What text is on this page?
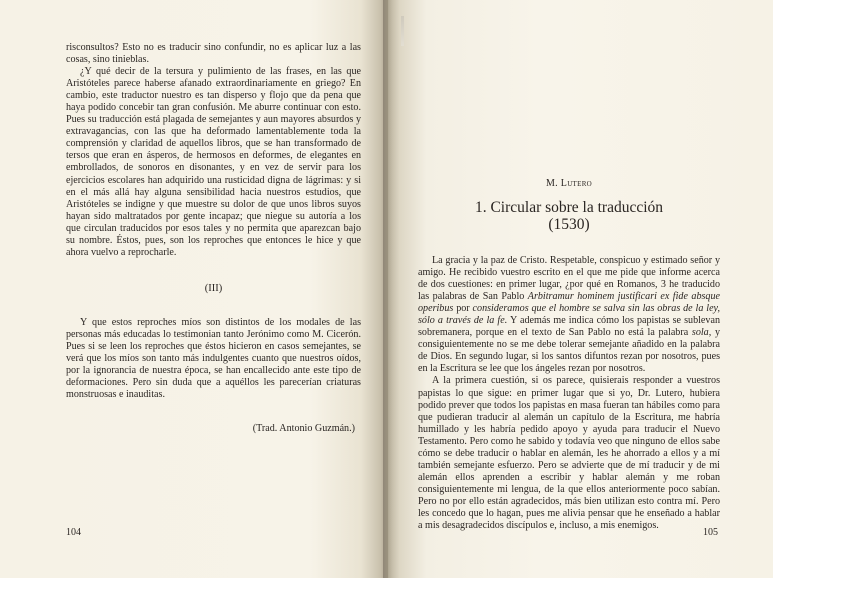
risconsultos? Esto no es traducir sino confundir, no es aplicar luz a las cosas, sino tinieblas.

¿Y qué decir de la tersura y pulimiento de las frases, en las que Aristóteles parece haberse afanado extraordinariamente en griego? En cambio, este traductor nuestro es tan disperso y flojo que da pena que haya podido concebir tan gran confusión. Me aburre continuar con esto. Pues su traducción está plagada de semejantes y aun mayores absurdos y extravagancias, con las que ha deformado lamentablemente toda la comprensión y claridad de aquellos libros, que se han transformado de tersos que eran en ásperos, de hermosos en deformes, de elegantes en embrollados, de sonoros en disonantes, y en vez de servir para los ejercicios escolares han adquirido una rusticidad digna de lágrimas: y si en el más allá hay alguna sensibilidad hacia nuestros estudios, que Aristóteles se indigne y que muestre su dolor de que unos libros suyos hayan sido maltratados por gente incapaz; que niegue su autoría a los que circulan traducidos por esos tales y no permita que aparezcan bajo su nombre. Éstos, pues, son los reproches que entonces le hice y que ahora vuelvo a reprocharle.

(III)

Y que estos reproches míos son distintos de los modales de las personas más educadas lo testimonian tanto Jerónimo como M. Cicerón. Pues si se leen los reproches que éstos hicieron en casos semejantes, se verá que los míos son tanto más indulgentes cuanto que nuestros oídos, por la ignorancia de nuestra época, se han encallecido ante este tipo de deformaciones. Pero sin duda que a aquéllos les parecerían criaturas monstruosas e inauditas.

(Trad. Antonio Guzmán.)

104

M. Lutero

1. Circular sobre la traducción

(1530)

La gracia y la paz de Cristo. Respetable, conspicuo y estimado señor y amigo. He recibido vuestro escrito en el que me pide que informe acerca de dos cuestiones: en primer lugar, ¿por qué en Romanos, 3 he traducido las palabras de San Pablo Arbitramur hominem justificari ex fide absque operibus por consideramos que el hombre se salva sin las obras de la ley, sólo a través de la fe. Y además me indica cómo los papistas se sublevan sobremanera, porque en el texto de San Pablo no está la palabra sola, y consiguientemente no se me debe tolerar semejante añadido en la palabra de Dios. En segundo lugar, si los santos difuntos rezan por nosotros, pues en la Escritura se lee que los ángeles rezan por nosotros.

A la primera cuestión, si os parece, quisierais responder a vuestros papistas lo que sigue: en primer lugar que si yo, Dr. Lutero, hubiera podido prever que todos los papistas en masa fueran tan hábiles como para que pudieran traducir al alemán un capítulo de la Escritura, me habría humillado y les habría pedido apoyo y ayuda para traducir el Nuevo Testamento. Pero como he sabido y todavía veo que ninguno de ellos sabe cómo se debe traducir o hablar en alemán, les he ahorrado a ellos y a mí también semejante esfuerzo. Pero se advierte que de mí traducir y de mi alemán ellos aprenden a escribir y hablar alemán y me roban consiguientemente mi lengua, de la que ellos anteriormente poco sabían. Pero no por ello están agradecidos, más bien utilizan esto contra mí. Pero les concedo que lo hagan, pues me alivia pensar que he enseñado a hablar a mis desagradecidos discípulos e, incluso, a mis enemigos.

105
